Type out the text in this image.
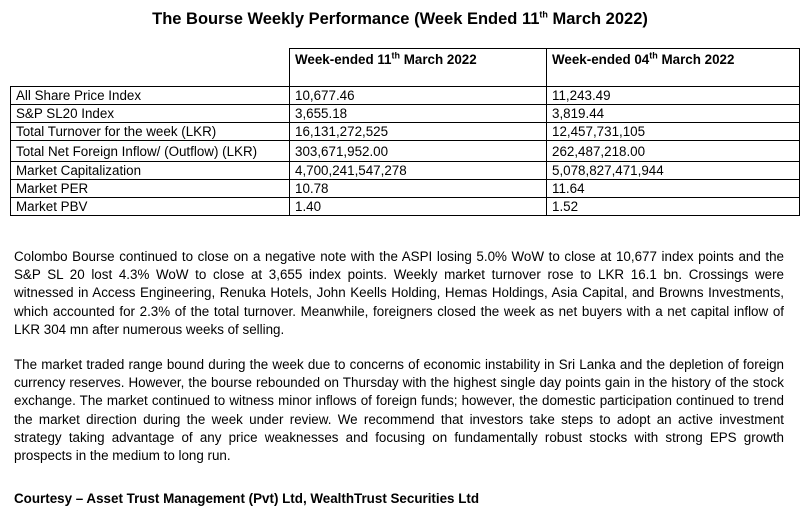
The Bourse Weekly Performance (Week Ended 11th March 2022)
	Week-ended 11th March 2022	Week-ended 04th March 2022
All Share Price Index	10,677.46	11,243.49
S&P SL20 Index	3,655.18	3,819.44
Total Turnover for the week (LKR)	16,131,272,525	12,457,731,105
Total Net Foreign Inflow/ (Outflow) (LKR)	303,671,952.00	262,487,218.00
Market Capitalization	4,700,241,547,278	5,078,827,471,944
Market PER	10.78	11.64
Market PBV	1.40	1.52

Colombo Bourse continued to close on a negative note with the ASPI losing 5.0% WoW to close at 10,677 index points and the S&P SL 20 lost 4.3% WoW to close at 3,655 index points. Weekly market turnover rose to LKR 16.1 bn. Crossings were witnessed in Access Engineering, Renuka Hotels, John Keells Holding, Hemas Holdings, Asia Capital, and Browns Investments, which accounted for 2.3% of the total turnover. Meanwhile, foreigners closed the week as net buyers with a net capital inflow of LKR 304 mn after numerous weeks of selling.

The market traded range bound during the week due to concerns of economic instability in Sri Lanka and the depletion of foreign currency reserves. However, the bourse rebounded on Thursday with the highest single day points gain in the history of the stock exchange. The market continued to witness minor inflows of foreign funds; however, the domestic participation continued to trend the market direction during the week under review. We recommend that investors take steps to adopt an active investment strategy taking advantage of any price weaknesses and focusing on fundamentally robust stocks with strong EPS growth prospects in the medium to long run.

Courtesy – Asset Trust Management (Pvt) Ltd, WealthTrust Securities Ltd
